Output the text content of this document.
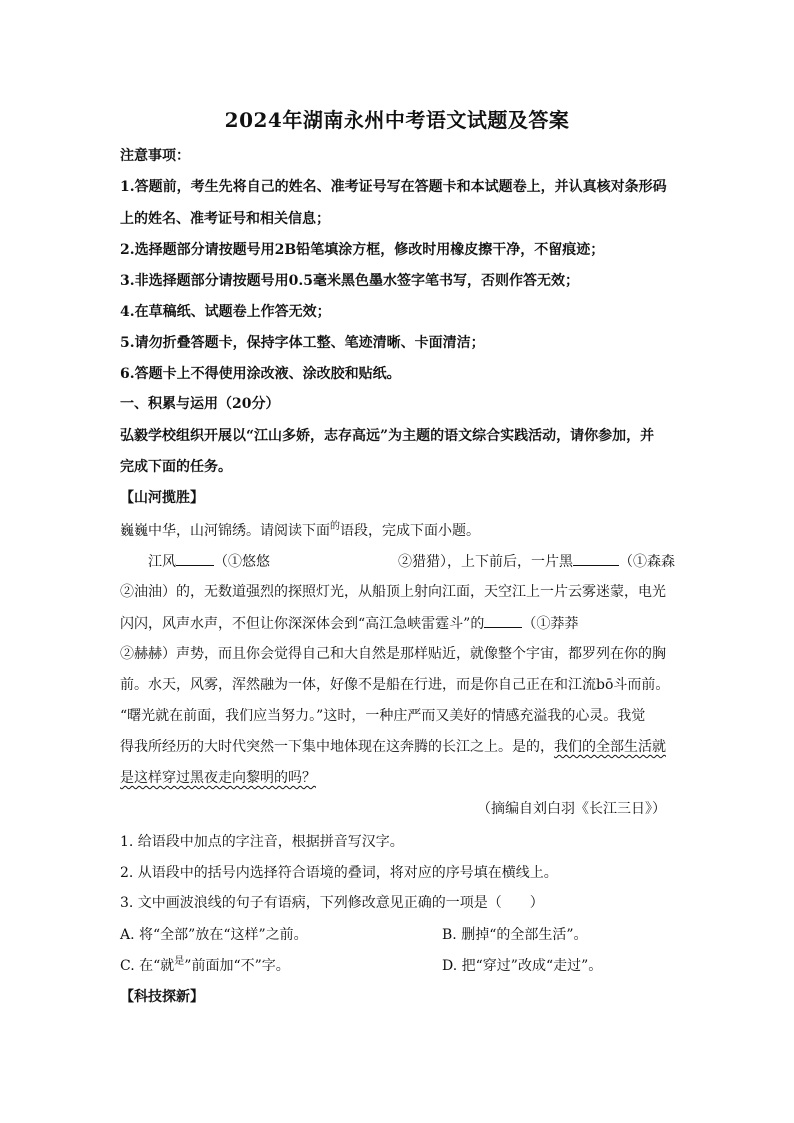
2024年湖南永州中考语文试题及答案
注意事项：
1.答题前，考生先将自己的姓名、准考证号写在答题卡和本试题卷上，并认真核对条形码
上的姓名、准考证号和相关信息；
2.选择题部分请按题号用2B铅笔填涂方框，修改时用橡皮擦干净，不留痕迹；
3.非选择题部分请按题号用0.5毫米黑色墨水签字笔书写，否则作答无效；
4.在草稿纸、试题卷上作答无效；
5.请勿折叠答题卡，保持字体工整、笔迹清晰、卡面清洁；
6.答题卡上不得使用涂改液、涂改胶和贴纸。
一、积累与运用（20分）
弘毅学校组织开展以“江山多娇，志存高远”为主题的语文综合实践活动，请你参加，并
完成下面的任务。
【山河揽胜】
巍巍中华，山河锦绣。请阅读下面$^的$语段，完成下面小题。
江风	（①悠悠	②猎猎），上下前后，一片黑	（①森森
②油油）的，无数道强烈的探照灯光，从船顶上射向江面，天空江上一片云雾迷蒙，电光
闪闪，风声水声，不但让你深深体会到“高江急峡雷霆斗”的	（①莽莽
②赫赫）声势，而且你会觉得自己和大自然是那样贴近，就像整个宇宙，都罗列在你的胸
前。水天，风雾，浑然融为一体，好像不是船在行进，而是你自己正在和江流bō斗而前。
“曙光就在前面，我们应当努力。”这时，一种庄严而又美好的情感充溢我的心灵。我觉
得我所经历的大时代突然一下集中地体现在这奔腾的长江之上。是的，我们的全部生活就
是这样穿过黑夜走向黎明的吗？
（摘编自刘白羽《长江三日》）
1. 给语段中加点的字注音，根据拼音写汉字。
2. 从语段中的括号内选择符合语境的叠词，将对应的序号填在横线上。
3. 文中画波浪线的句子有语病，下列修改意见正确的一项是（　　）
A. 将“全部”放在“这样”之前。	B. 删掉“的全部生活”。
C. 在“就$^是$”前面加“不”字。	D. 把“穿过”改成“走过”。
【科技探新】
